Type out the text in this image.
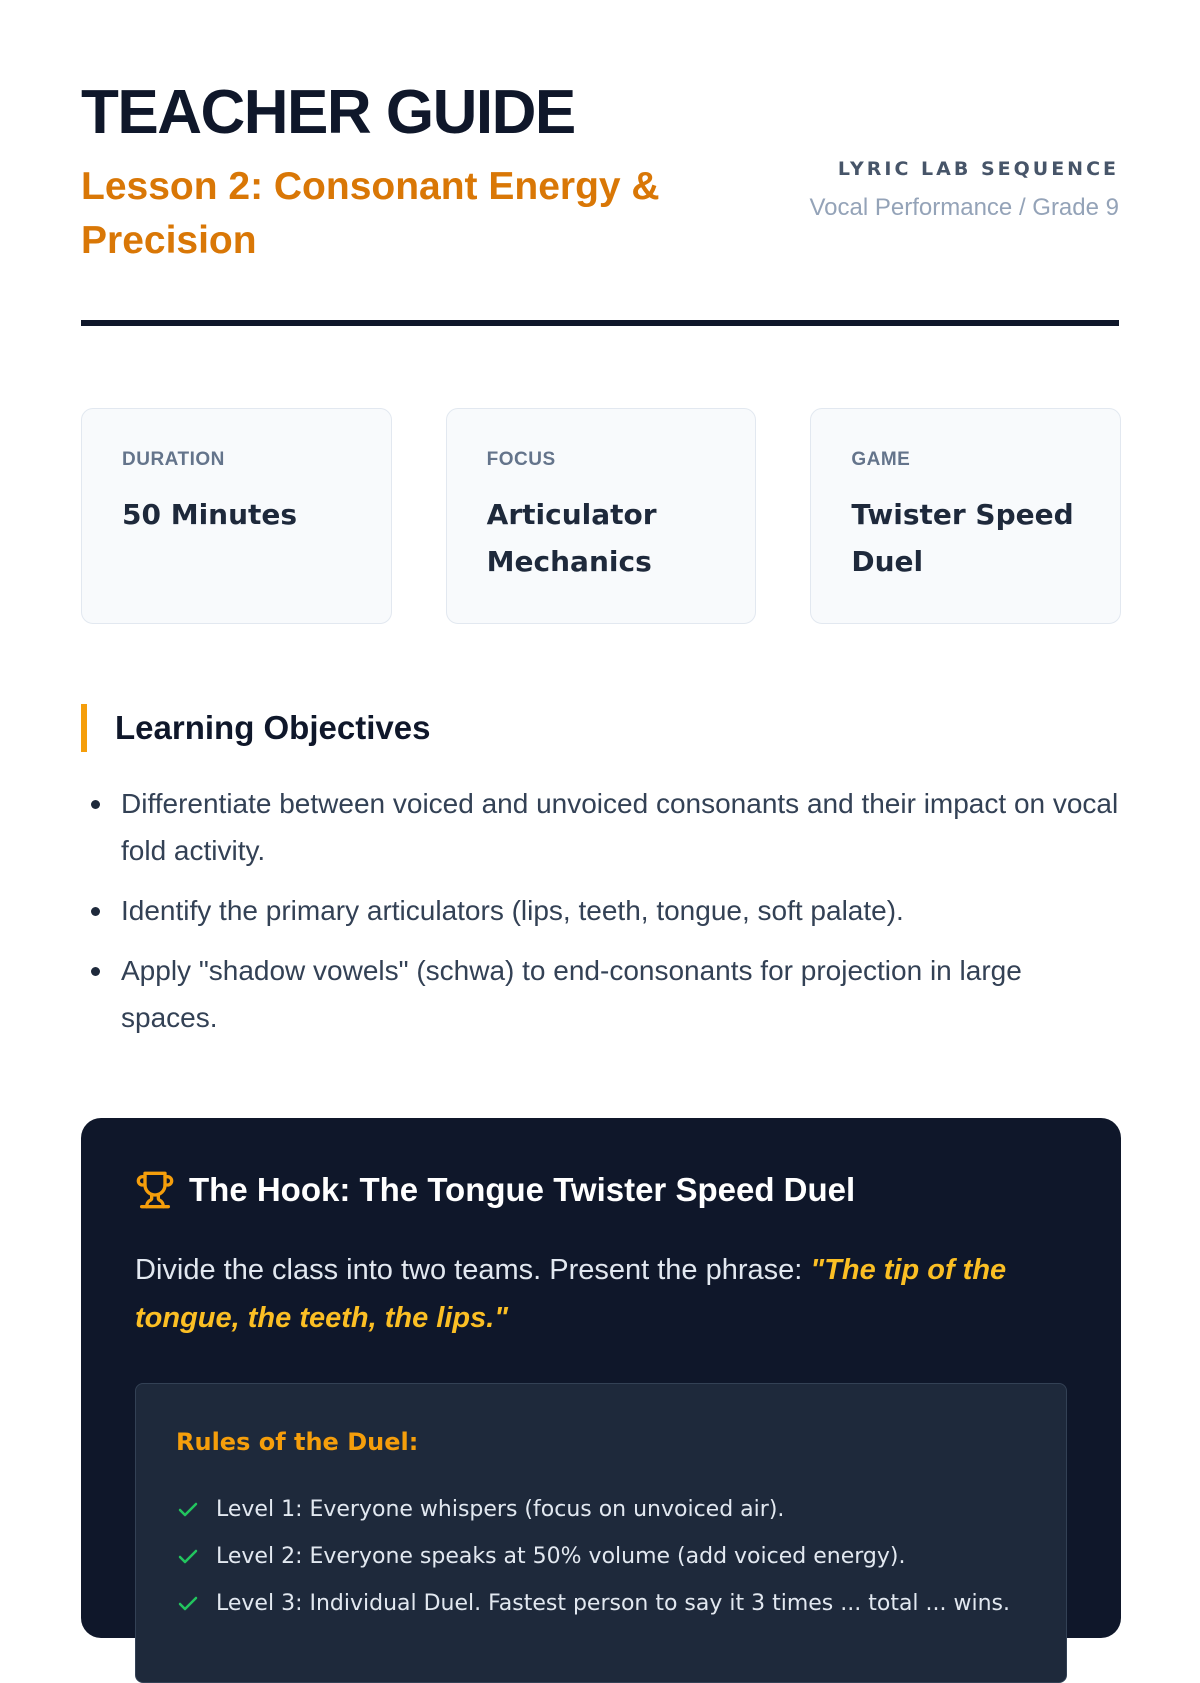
TEACHER GUIDE
Lesson 2: Consonant Energy & Precision
LYRIC LAB SEQUENCE
Vocal Performance / Grade 9
DURATION
50 Minutes
FOCUS
Articulator Mechanics
GAME
Twister Speed Duel
Learning Objectives
Differentiate between voiced and unvoiced consonants and their impact on vocal fold activity.
Identify the primary articulators (lips, teeth, tongue, soft palate).
Apply "shadow vowels" (schwa) to end-consonants for projection in large spaces.
The Hook: The Tongue Twister Speed Duel

Divide the class into two teams. Present the phrase: "The tip of the tongue, the teeth, the lips."

Rules of the Duel:
Level 1: Everyone whispers (focus on unvoiced air).
Level 2: Everyone speaks at 50% volume (add voiced energy).
Level 3: Individual Duel. Fastest person to say it 3 times ... total ... wins.
